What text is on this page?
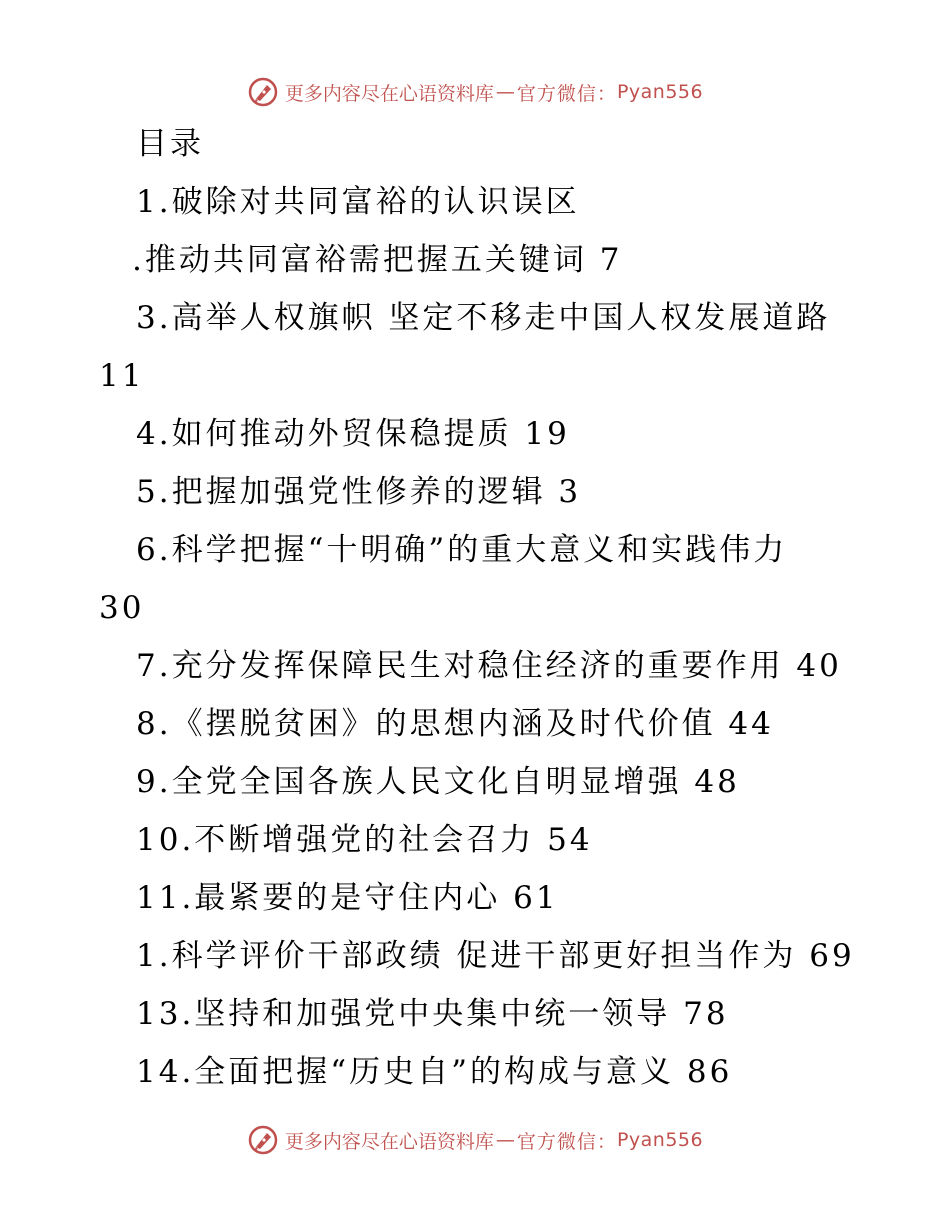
更多内容尽在心语资料库 — 官方微信： Pyan556
目录
1.破除对共同富裕的认识误区
.推动共同富裕需把握五关键词 7
3.高举人权旗帜 坚定不移走中国人权发展道路
11
4.如何推动外贸保稳提质 19
5.把握加强党性修养的逻辑 3
6.科学把握“十明确”的重大意义和实践伟力
30
7.充分发挥保障民生对稳住经济的重要作用 40
8.《摆脱贫困》的思想内涵及时代价值 44
9.全党全国各族人民文化自明显增强 48
10.不断增强党的社会召力 54
11.最紧要的是守住内心 61
1.科学评价干部政绩 促进干部更好担当作为 69
13.坚持和加强党中央集中统一领导 78
14.全面把握“历史自”的构成与意义 86
更多内容尽在心语资料库 — 官方微信： Pyan556
